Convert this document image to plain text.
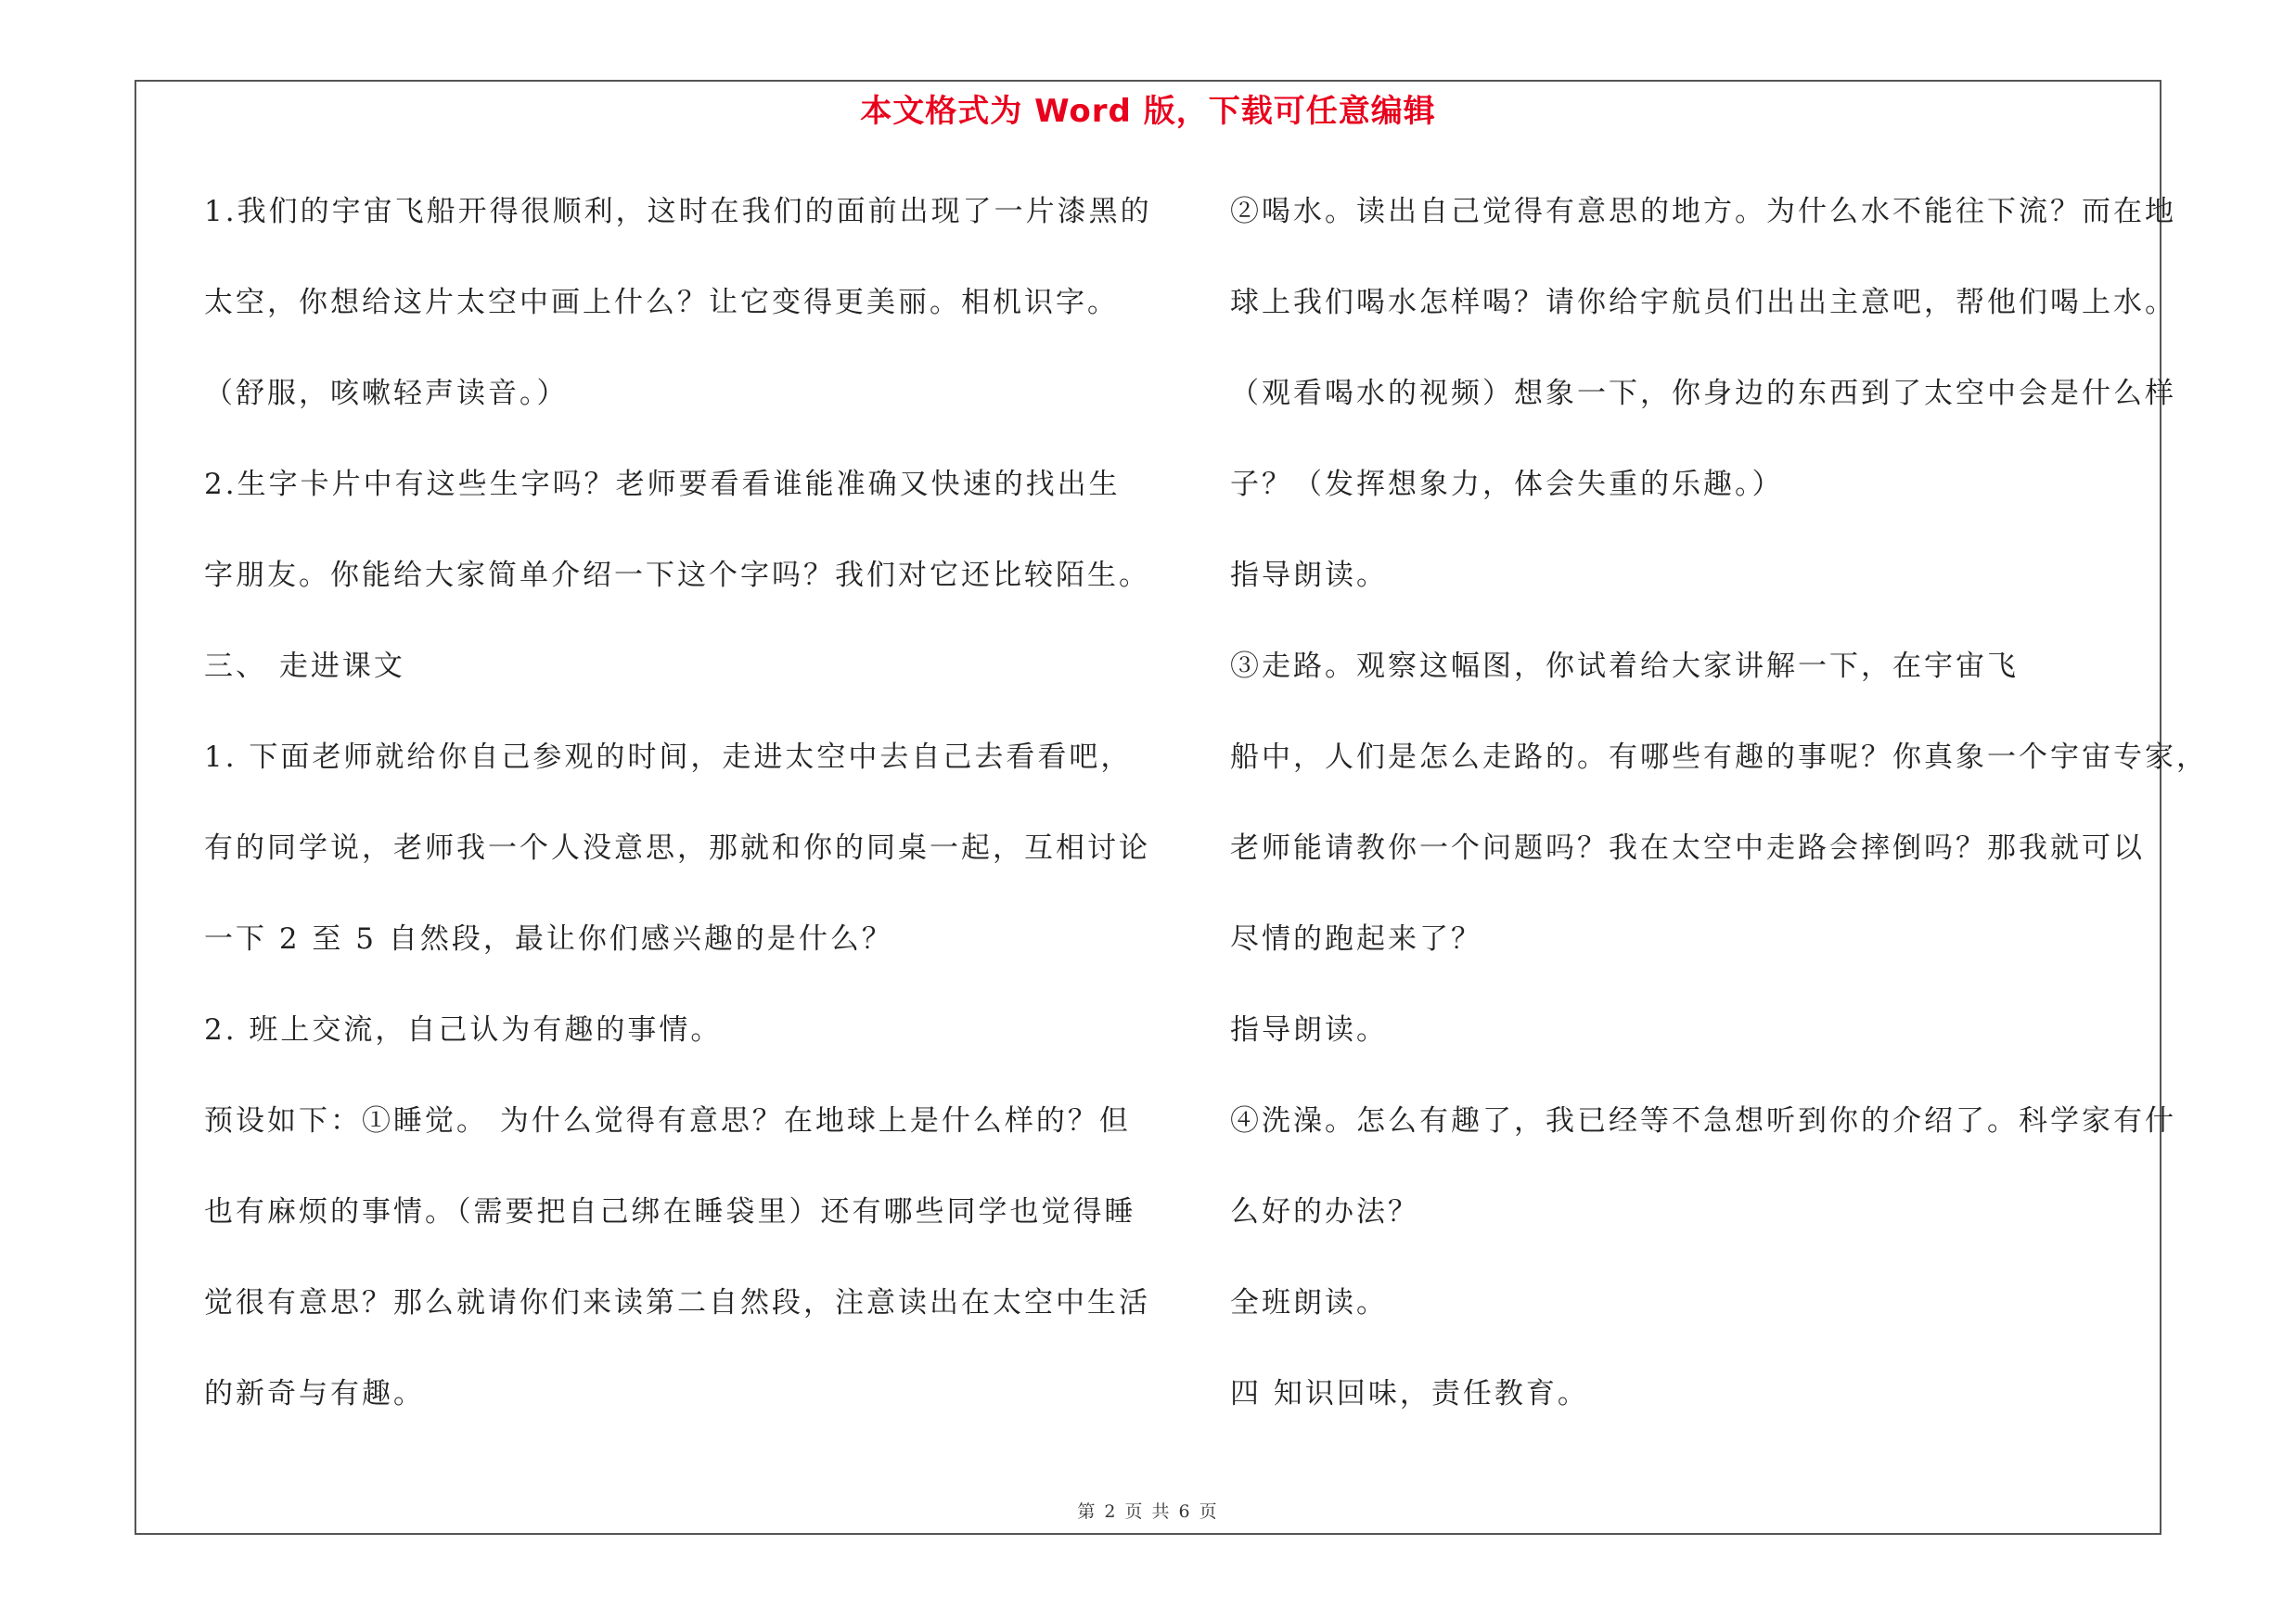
本文格式为 Word 版，下载可任意编辑
1.我们的宇宙飞船开得很顺利，这时在我们的面前出现了一片漆黑的
太空，你想给这片太空中画上什么？让它变得更美丽。相机识字。
（舒服，咳嗽轻声读音。）
2.生字卡片中有这些生字吗？老师要看看谁能准确又快速的找出生
字朋友。你能给大家简单介绍一下这个字吗？我们对它还比较陌生。
三、 走进课文
1. 下面老师就给你自己参观的时间，走进太空中去自己去看看吧，
有的同学说，老师我一个人没意思，那就和你的同桌一起，互相讨论
一下 2 至 5 自然段，最让你们感兴趣的是什么？
2. 班上交流，自己认为有趣的事情。
预设如下：①睡觉。 为什么觉得有意思？在地球上是什么样的？但
也有麻烦的事情。（需要把自己绑在睡袋里）还有哪些同学也觉得睡
觉很有意思？那么就请你们来读第二自然段，注意读出在太空中生活
的新奇与有趣。
②喝水。读出自己觉得有意思的地方。为什么水不能往下流？而在地
球上我们喝水怎样喝？请你给宇航员们出出主意吧，帮他们喝上水。
（观看喝水的视频）想象一下，你身边的东西到了太空中会是什么样
子？（发挥想象力，体会失重的乐趣。）
指导朗读。
③走路。观察这幅图，你试着给大家讲解一下，在宇宙飞
船中，人们是怎么走路的。有哪些有趣的事呢？你真象一个宇宙专家，
老师能请教你一个问题吗？我在太空中走路会摔倒吗？那我就可以
尽情的跑起来了？
指导朗读。
④洗澡。怎么有趣了，我已经等不急想听到你的介绍了。科学家有什
么好的办法？
全班朗读。
四 知识回味，责任教育。
第 2 页 共 6 页
